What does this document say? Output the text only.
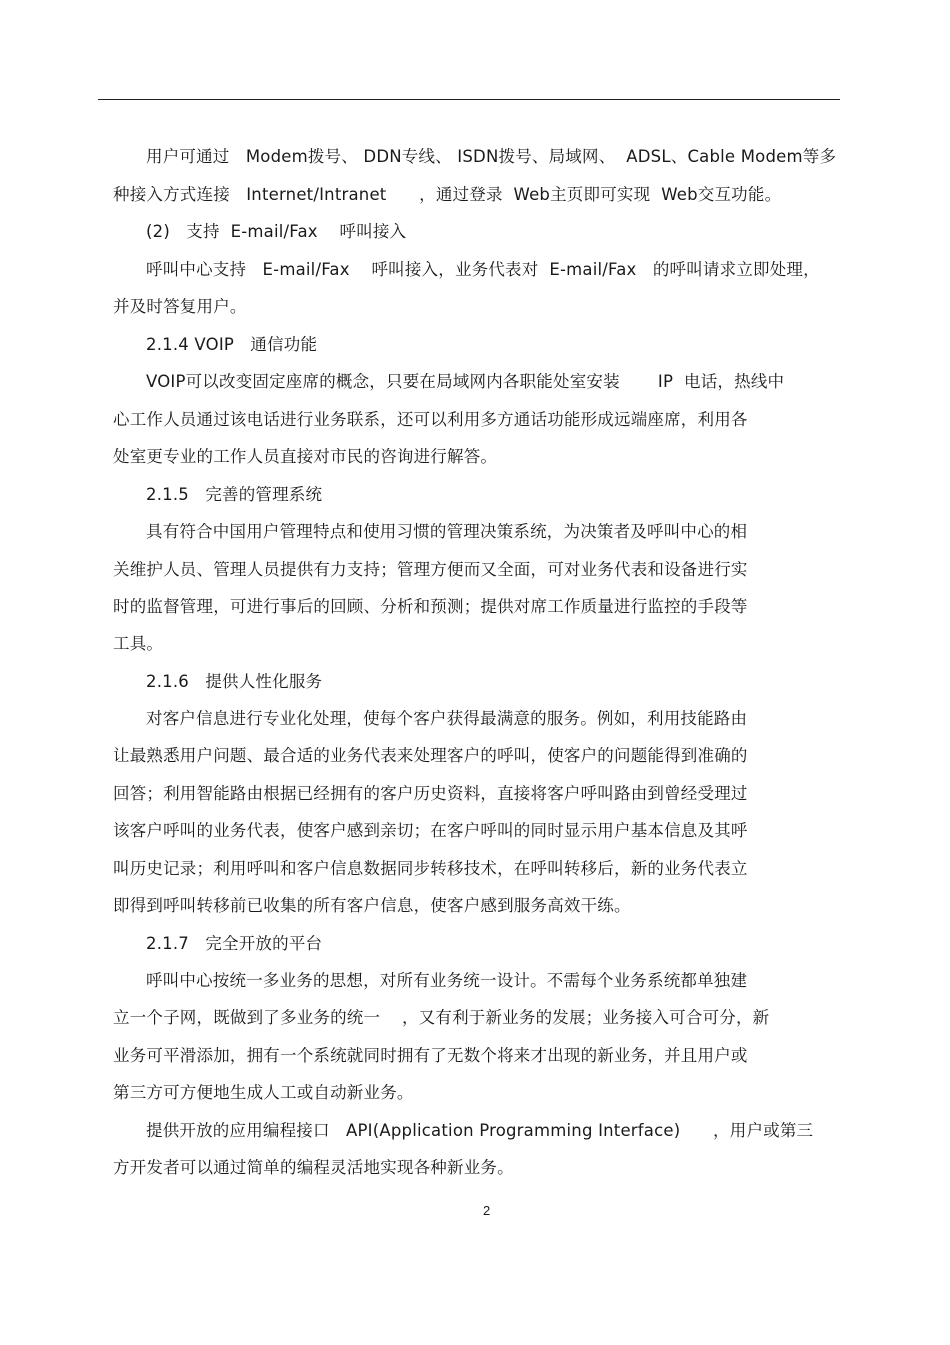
用户可通过   Modem拨号、 DDN专线、 ISDN拨号、局域网、  ADSL、Cable Modem等多
种接入方式连接   Internet/Intranet      ，通过登录  Web主页即可实现  Web交互功能。
(2)   支持  E-mail/Fax    呼叫接入
呼叫中心支持   E-mail/Fax    呼叫接入，业务代表对  E-mail/Fax   的呼叫请求立即处理，
并及时答复用户。
2.1.4 VOIP   通信功能
VOIP可以改变固定座席的概念，只要在局域网内各职能处室安装       IP  电话，热线中
心工作人员通过该电话进行业务联系，还可以利用多方通话功能形成远端座席，利用各
处室更专业的工作人员直接对市民的咨询进行解答。
2.1.5   完善的管理系统
具有符合中国用户管理特点和使用习惯的管理决策系统，为决策者及呼叫中心的相
关维护人员、管理人员提供有力支持；管理方便而又全面，可对业务代表和设备进行实
时的监督管理，可进行事后的回顾、分析和预测；提供对席工作质量进行监控的手段等
工具。
2.1.6   提供人性化服务
对客户信息进行专业化处理，使每个客户获得最满意的服务。例如，利用技能路由
让最熟悉用户问题、最合适的业务代表来处理客户的呼叫，使客户的问题能得到准确的
回答；利用智能路由根据已经拥有的客户历史资料，直接将客户呼叫路由到曾经受理过
该客户呼叫的业务代表，使客户感到亲切；在客户呼叫的同时显示用户基本信息及其呼
叫历史记录；利用呼叫和客户信息数据同步转移技术，在呼叫转移后，新的业务代表立
即得到呼叫转移前已收集的所有客户信息，使客户感到服务高效干练。
2.1.7   完全开放的平台
呼叫中心按统一多业务的思想，对所有业务统一设计。不需每个业务系统都单独建
立一个子网，既做到了多业务的统一    ，又有利于新业务的发展；业务接入可合可分，新
业务可平滑添加，拥有一个系统就同时拥有了无数个将来才出现的新业务，并且用户或
第三方可方便地生成人工或自动新业务。
提供开放的应用编程接口   API(Application Programming Interface)      ，用户或第三
方开发者可以通过简单的编程灵活地实现各种新业务。
2
